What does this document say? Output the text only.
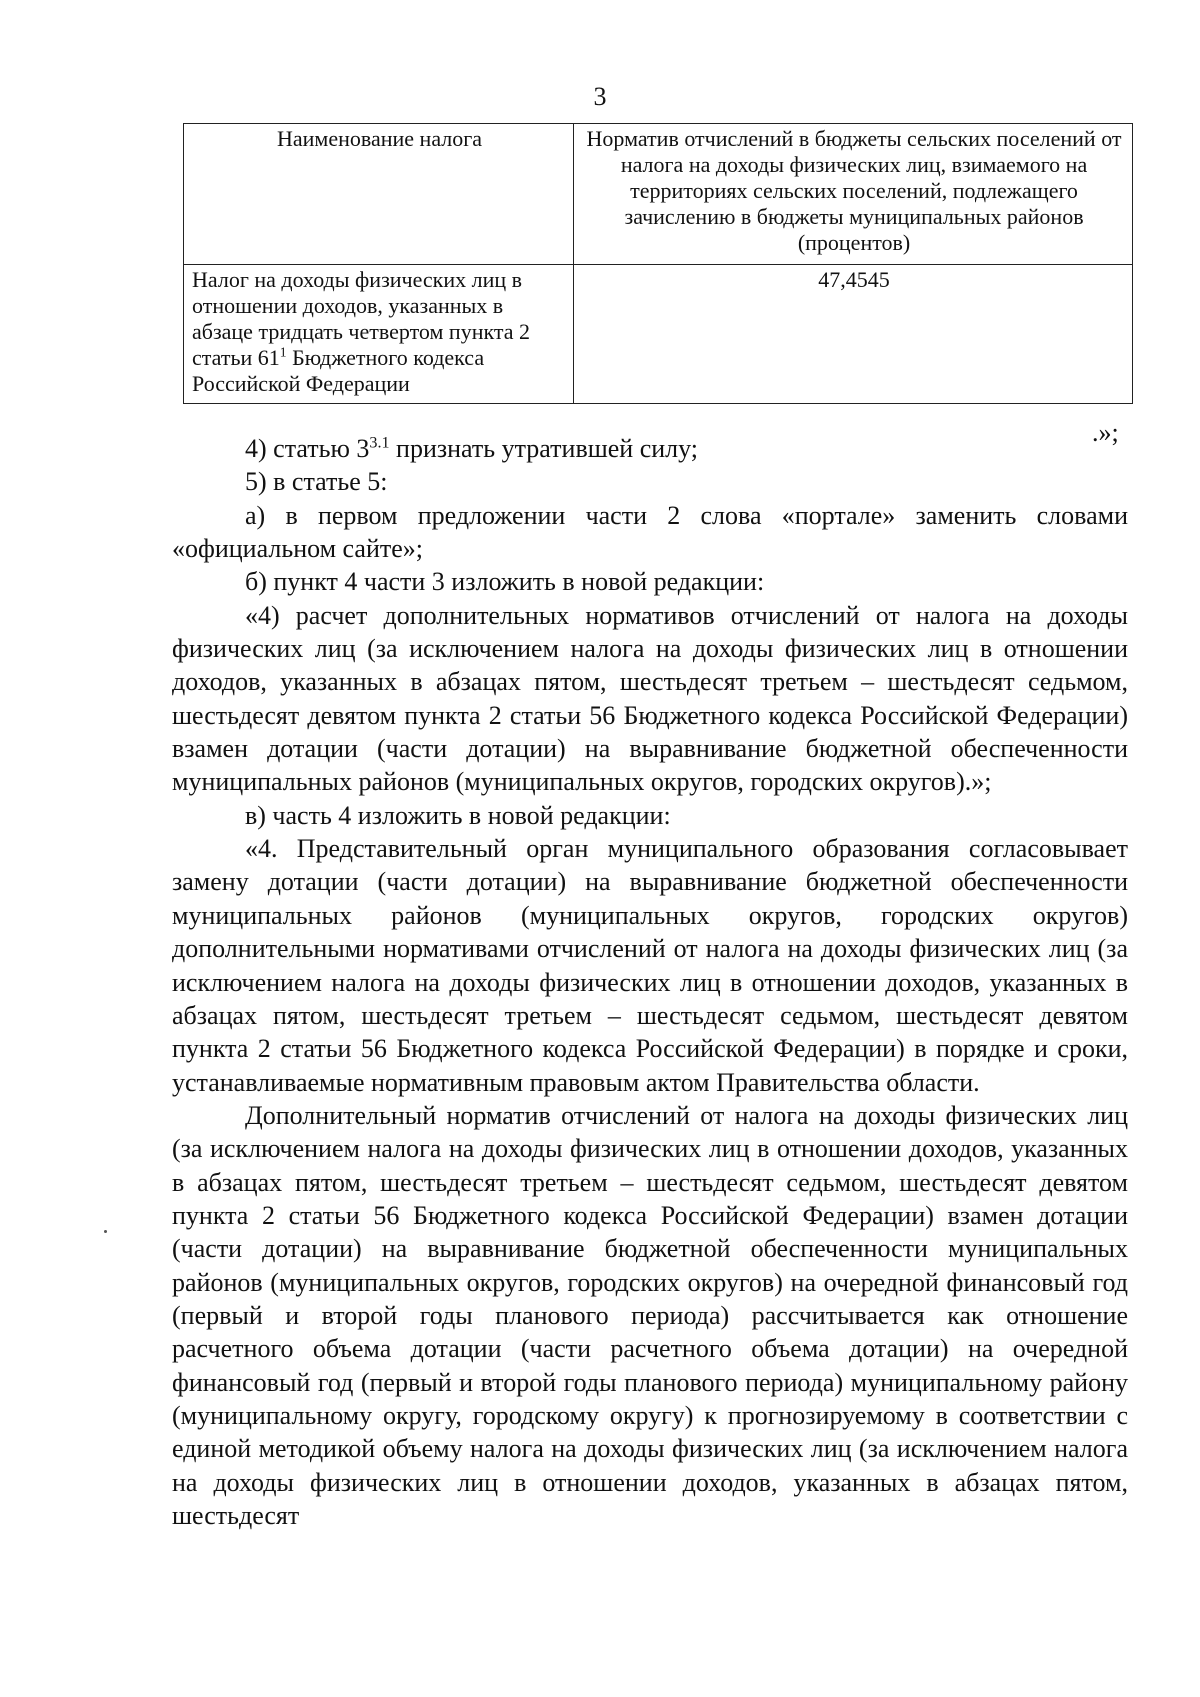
3
Наименование налога	Норматив отчислений в бюджеты сельских поселений от налога на доходы физических лиц, взимаемого на территориях сельских поселений, подлежащего зачислению в бюджеты муниципальных районов (процентов)
Налог на доходы физических лиц в отношении доходов, указанных в абзаце тридцать четвертом пункта 2 статьи $61^1$ Бюджетного кодекса Российской Федерации	47,4545
.»;

4) статью $3^{3.1}$ признать утратившей силу;

5) в статье 5:

а) в первом предложении части 2 слова «портале» заменить словами «официальном сайте»;

б) пункт 4 части 3 изложить в новой редакции:

«4) расчет дополнительных нормативов отчислений от налога на доходы физических лиц (за исключением налога на доходы физических лиц в отношении доходов, указанных в абзацах пятом, шестьдесят третьем – шестьдесят седьмом, шестьдесят девятом пункта 2 статьи 56 Бюджетного кодекса Российской Федерации) взамен дотации (части дотации) на выравнивание бюджетной обеспеченности муниципальных районов (муниципальных округов, городских округов).»;

в) часть 4 изложить в новой редакции:

«4. Представительный орган муниципального образования согласовывает замену дотации (части дотации) на выравнивание бюджетной обеспеченности муниципальных районов (муниципальных округов, городских округов) дополнительными нормативами отчислений от налога на доходы физических лиц (за исключением налога на доходы физических лиц в отношении доходов, указанных в абзацах пятом, шестьдесят третьем – шестьдесят седьмом, шестьдесят девятом пункта 2 статьи 56 Бюджетного кодекса Российской Федерации) в порядке и сроки, устанавливаемые нормативным правовым актом Правительства области.

Дополнительный норматив отчислений от налога на доходы физических лиц (за исключением налога на доходы физических лиц в отношении доходов, указанных в абзацах пятом, шестьдесят третьем – шестьдесят седьмом, шестьдесят девятом пункта 2 статьи 56 Бюджетного кодекса Российской Федерации) взамен дотации (части дотации) на выравнивание бюджетной обеспеченности муниципальных районов (муниципальных округов, городских округов) на очередной финансовый год (первый и второй годы планового периода) рассчитывается как отношение расчетного объема дотации (части расчетного объема дотации) на очередной финансовый год (первый и второй годы планового периода) муниципальному району (муниципальному округу, городскому округу) к прогнозируемому в соответствии с единой методикой объему налога на доходы физических лиц (за исключением налога на доходы физических лиц в отношении доходов, указанных в абзацах пятом, шестьдесят
